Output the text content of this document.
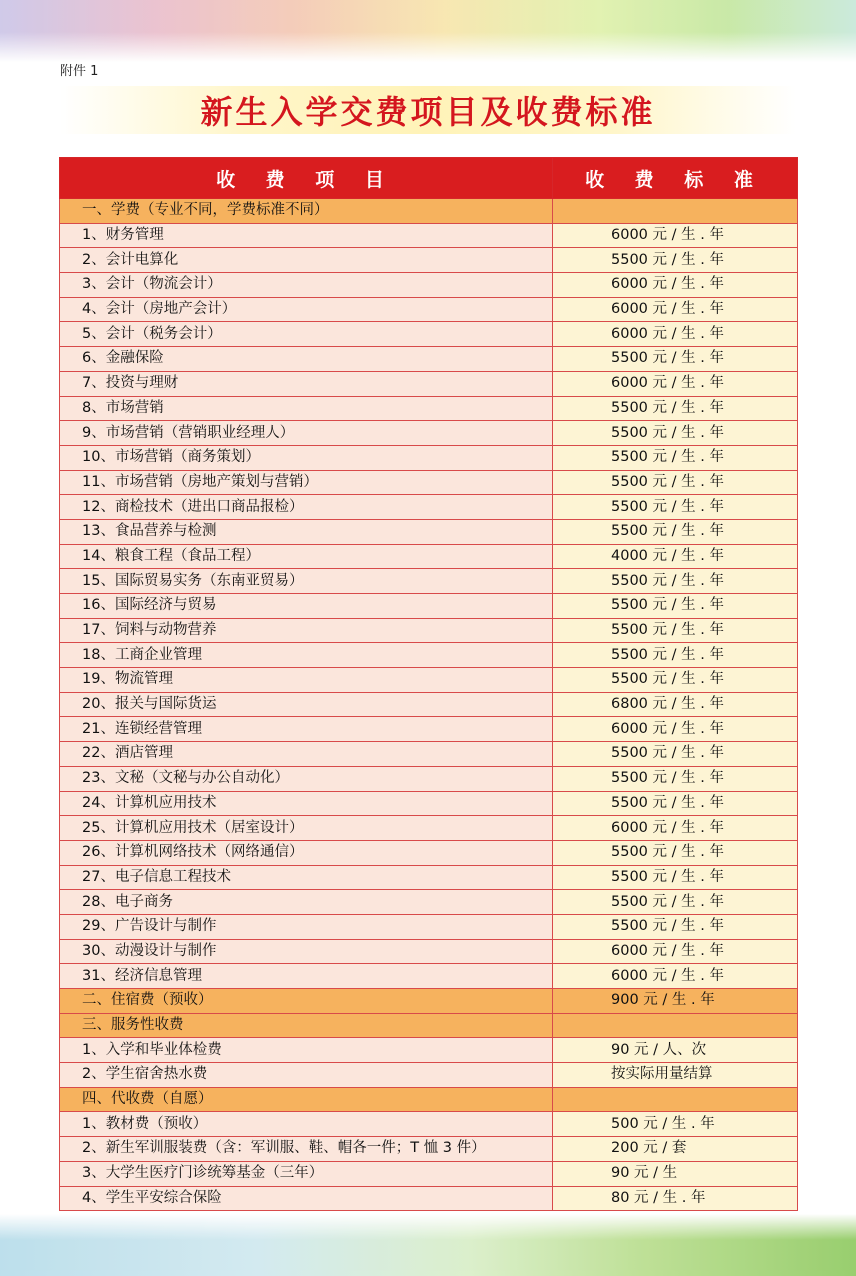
附件 1
新生入学交费项目及收费标准
收 费 项 目	收 费 标 准
一、学费（专业不同，学费标准不同）	
1、财务管理	6000 元 / 生 . 年
2、会计电算化	5500 元 / 生 . 年
3、会计（物流会计）	6000 元 / 生 . 年
4、会计（房地产会计）	6000 元 / 生 . 年
5、会计（税务会计）	6000 元 / 生 . 年
6、金融保险	5500 元 / 生 . 年
7、投资与理财	6000 元 / 生 . 年
8、市场营销	5500 元 / 生 . 年
9、市场营销（营销职业经理人）	5500 元 / 生 . 年
10、市场营销（商务策划）	5500 元 / 生 . 年
11、市场营销（房地产策划与营销）	5500 元 / 生 . 年
12、商检技术（进出口商品报检）	5500 元 / 生 . 年
13、食品营养与检测	5500 元 / 生 . 年
14、粮食工程（食品工程）	4000 元 / 生 . 年
15、国际贸易实务（东南亚贸易）	5500 元 / 生 . 年
16、国际经济与贸易	5500 元 / 生 . 年
17、饲料与动物营养	5500 元 / 生 . 年
18、工商企业管理	5500 元 / 生 . 年
19、物流管理	5500 元 / 生 . 年
20、报关与国际货运	6800 元 / 生 . 年
21、连锁经营管理	6000 元 / 生 . 年
22、酒店管理	5500 元 / 生 . 年
23、文秘（文秘与办公自动化）	5500 元 / 生 . 年
24、计算机应用技术	5500 元 / 生 . 年
25、计算机应用技术（居室设计）	6000 元 / 生 . 年
26、计算机网络技术（网络通信）	5500 元 / 生 . 年
27、电子信息工程技术	5500 元 / 生 . 年
28、电子商务	5500 元 / 生 . 年
29、广告设计与制作	5500 元 / 生 . 年
30、动漫设计与制作	6000 元 / 生 . 年
31、经济信息管理	6000 元 / 生 . 年
二、住宿费（预收）	900 元 / 生 . 年
三、服务性收费	
1、入学和毕业体检费	90 元 / 人、次
2、学生宿舍热水费	按实际用量结算
四、代收费（自愿）	
1、教材费（预收）	500 元 / 生 . 年
2、新生军训服装费（含：军训服、鞋、帽各一件；T 恤 3 件）	200 元 / 套
3、大学生医疗门诊统筹基金（三年）	90 元 / 生
4、学生平安综合保险	80 元 / 生 . 年
